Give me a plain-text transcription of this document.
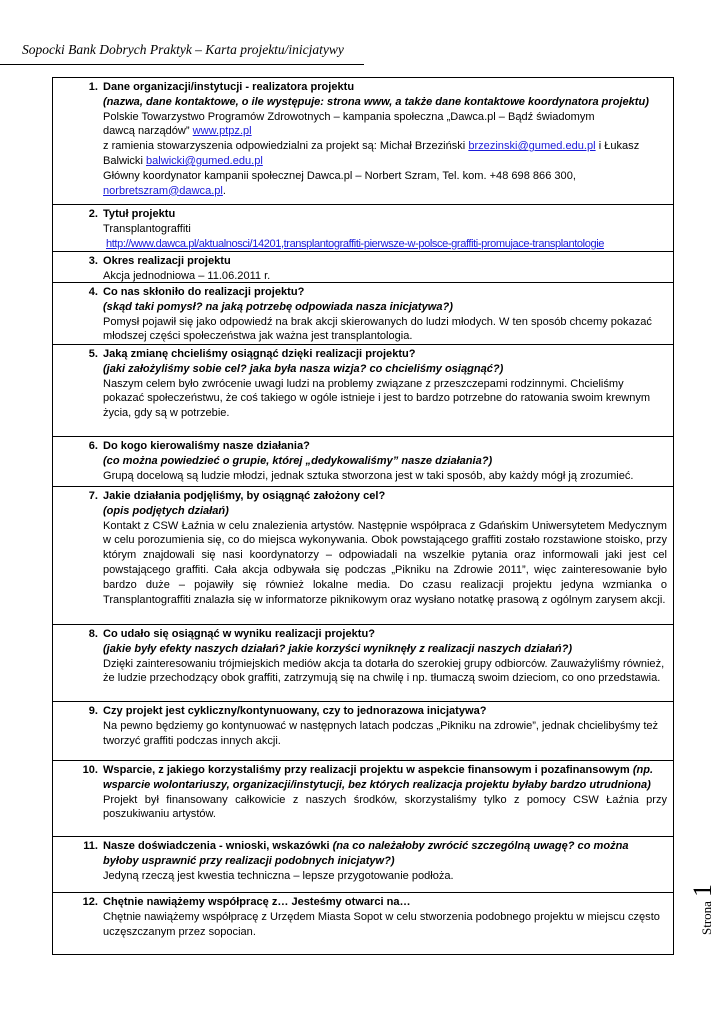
Sopocki Bank Dobrych Praktyk – Karta projektu/inicjatywy
1. Dane organizacji/instytucji - realizatora projektu
(nazwa, dane kontaktowe, o ile występuje: strona www, a także dane kontaktowe koordynatora projektu)
Polskie Towarzystwo Programów Zdrowotnych – kampania społeczna „Dawca.pl – Bądź świadomym dawcą narządów” www.ptpz.pl
z ramienia stowarzyszenia odpowiedzialni za projekt są: Michał Brzeziński brzezinski@gumed.edu.pl i Łukasz Balwicki balwicki@gumed.edu.pl
Główny koordynator kampanii społecznej Dawca.pl – Norbert Szram, Tel. kom. +48 698 866 300, norbretszram@dawca.pl.
2. Tytuł projektu
Transplantograffiti
http://www.dawca.pl/aktualnosci/14201,transplantograffiti-pierwsze-w-polsce-graffiti-promujace-transplantologie
3. Okres realizacji projektu
Akcja jednodniowa – 11.06.2011 r.
4. Co nas skłoniło do realizacji projektu?
(skąd taki pomysł? na jaką potrzebę odpowiada nasza inicjatywa?)
Pomysł pojawił się jako odpowiedź na brak akcji skierowanych do ludzi młodych. W ten sposób chcemy pokazać młodszej części społeczeństwa jak ważna jest transplantologia.
5. Jaką zmianę chcieliśmy osiągnąć dzięki realizacji projektu?
(jaki założyliśmy sobie cel? jaka była nasza wizja? co chcieliśmy osiągnąć?)
Naszym celem było zwrócenie uwagi ludzi na problemy związane z przeszczepami rodzinnymi. Chcieliśmy pokazać społeczeństwu, że coś takiego w ogóle istnieje i jest to bardzo potrzebne do ratowania swoim krewnym życia, gdy są w potrzebie.
6. Do kogo kierowaliśmy nasze działania?
(co można powiedzieć o grupie, której „dedykowaliśmy” nasze działania?)
Grupą docelową są ludzie młodzi, jednak sztuka stworzona jest w taki sposób, aby każdy mógł ją zrozumieć.
7. Jakie działania podjęliśmy, by osiągnąć założony cel?
(opis podjętych działań)
Kontakt z CSW Łaźnia w celu znalezienia artystów. Następnie współpraca z Gdańskim Uniwersytetem Medycznym w celu porozumienia się, co do miejsca wykonywania. Obok powstającego graffiti zostało rozstawione stoisko, przy którym znajdowali się nasi koordynatorzy – odpowiadali na wszelkie pytania oraz informowali jaki jest cel powstającego graffiti. Cała akcja odbywała się podczas „Pikniku na Zdrowie 2011”, więc zainteresowanie było bardzo duże – pojawiły się również lokalne media. Do czasu realizacji projektu jedyna wzmianka o Transplantograffiti znalazła się w informatorze piknikowym oraz wysłano notatkę prasową z ogólnym zarysem akcji.
8. Co udało się osiągnąć w wyniku realizacji projektu?
(jakie były efekty naszych działań? jakie korzyści wyniknęły z realizacji naszych działań?)
Dzięki zainteresowaniu trójmiejskich mediów akcja ta dotarła do szerokiej grupy odbiorców. Zauważyliśmy również, że ludzie przechodzący obok graffiti, zatrzymują się na chwilę i np. tłumaczą swoim dzieciom, co ono przedstawia.
9. Czy projekt jest cykliczny/kontynuowany, czy to jednorazowa inicjatywa?
Na pewno będziemy go kontynuować w następnych latach podczas „Pikniku na zdrowie”, jednak chcielibyśmy też tworzyć graffiti podczas innych akcji.
10. Wsparcie, z jakiego korzystaliśmy przy realizacji projektu w aspekcie finansowym i pozafinansowym (np. wsparcie wolontariuszy, organizacji/instytucji, bez których realizacja projektu byłaby bardzo utrudniona)
Projekt był finansowany całkowicie z naszych środków, skorzystaliśmy tylko z pomocy CSW Łaźnia przy poszukiwaniu artystów.
11. Nasze doświadczenia - wnioski, wskazówki (na co należałoby zwrócić szczególną uwagę? co można byłoby usprawnić przy realizacji podobnych inicjatyw?)
Jedyną rzeczą jest kwestia techniczna – lepsze przygotowanie podłoża.
12. Chętnie nawiążemy współpracę z… Jesteśmy otwarci na…
Chętnie nawiążemy współpracę z Urzędem Miasta Sopot w celu stworzenia podobnego projektu w miejscu często uczęszczanym przez sopocian.	Strona 1
